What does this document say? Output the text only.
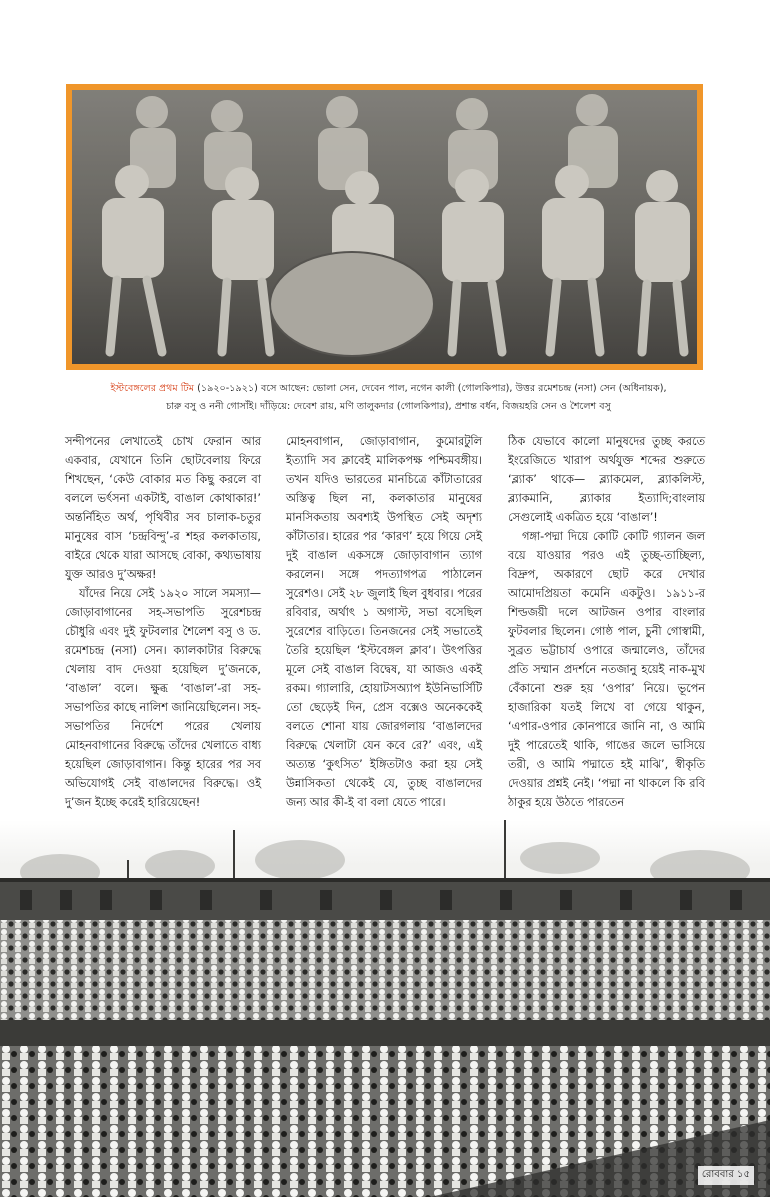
ইস্টবেঙ্গলের প্রথম টিম (১৯২০-১৯২১) বসে আছেন: ভোলা সেন, দেবেন পাল, নগেন কালী (গোলকিপার), উত্তর রমেশচন্দ্র (নসা) সেন (অধিনায়ক),
চারু বসু ও ননী গোসাঁই। দাঁড়িয়ে: দেবেশ রায়, মণি তালুকদার (গোলকিপার), প্রশান্ত বর্ধন, বিজয়হরি সেন ও শৈলেশ বসু

সন্দীপনের লেখাতেই চোখ ফেরান আর একবার, যেখানে তিনি ছোটবেলায় ফিরে শিখছেন, ‘কেউ বোকার মত কিছু করলে বা বললে ভর্ৎসনা একটাই, বাঙাল কোথাকার!’ অন্তর্নিহিত অর্থ, পৃথিবীর সব চালাক-চতুর মানুষের বাস ‘চন্দ্রবিন্দু’-র শহর কলকাতায়, বাইরে থেকে যারা আসছে বোকা, কথ্যভাষায় যুক্ত আরও দু’অক্ষর!

যাঁদের নিয়ে সেই ১৯২০ সালে সমস্যা— জোড়াবাগানের সহ-সভাপতি সুরেশচন্দ্র চৌধুরি এবং দুই ফুটবলার শৈলেশ বসু ও ড. রমেশচন্দ্র (নসা) সেন। ক্যালকাটার বিরুদ্ধে খেলায় বাদ দেওয়া হয়েছিল দু’জনকে, ‘বাঙাল’ বলে। ক্ষুব্ধ ‘বাঙাল’-রা সহ-সভাপতির কাছে নালিশ জানিয়েছিলেন। সহ-সভাপতির নির্দেশে পরের খেলায় মোহনবাগানের বিরুদ্ধে তাঁদের খেলাতে বাধ্য হয়েছিল জোড়াবাগান। কিন্তু হারের পর সব অভিযোগই সেই বাঙালদের বিরুদ্ধে। ওই দু’জন ইচ্ছে করেই হারিয়েছেন!

মোহনবাগান, জোড়াবাগান, কুমোরটুলি ইত্যাদি সব ক্লাবেই মালিকপক্ষ পশ্চিমবঙ্গীয়। তখন যদিও ভারতের মানচিত্রে কাঁটাতারের অস্তিত্ব ছিল না, কলকাতার মানুষের মানসিকতায় অবশ্যই উপস্থিত সেই অদৃশ্য কাঁটাতার। হারের পর ‘কারণ’ হয়ে গিয়ে সেই দুই বাঙাল একসঙ্গে জোড়াবাগান ত্যাগ করলেন। সঙ্গে পদত্যাগপত্র পাঠালেন সুরেশও। সেই ২৮ জুলাই ছিল বুধবার। পরের রবিবার, অর্থাৎ ১ অগাস্ট, সভা বসেছিল সুরেশের বাড়িতে। তিনজনের সেই সভাতেই তৈরি হয়েছিল ‘ইস্টবেঙ্গল ক্লাব’। উৎপত্তির মূলে সেই বাঙাল বিদ্বেষ, যা আজও একই রকম। গ্যালারি, হোয়াটসঅ্যাপ ইউনিভার্সিটি তো ছেড়েই দিন, প্রেস বক্সেও অনেককেই বলতে শোনা যায় জোরগলায় ‘বাঙালদের বিরুদ্ধে খেলাটা যেন কবে রে?’ এবং, এই অত্যন্ত ‘কুৎসিত’ ইঙ্গিতটাও করা হয় সেই উন্নাসিকতা থেকেই যে, তুচ্ছ বাঙালদের জন্য আর কী-ই বা বলা যেতে পারে।

ঠিক যেভাবে কালো মানুষদের তুচ্ছ করতে ইংরেজিতে খারাপ অর্থযুক্ত শব্দের শুরুতে ‘ব্ল্যাক’ থাকে— ব্ল্যাকমেল, ব্ল্যাকলিস্ট, ব্ল্যাকমানি, ব্ল্যাকার ইত্যাদি;বাংলায় সেগুলোই একত্রিত হয়ে ‘বাঙাল’!

গঙ্গা-পদ্মা দিয়ে কোটি কোটি গ্যালন জল বয়ে যাওয়ার পরও এই তুচ্ছ-তাচ্ছিল্য, বিদ্রুপ, অকারণে ছোট করে দেখার আমোদপ্রিয়তা কমেনি একটুও। ১৯১১-র শিল্ডজয়ী দলে আটজন ওপার বাংলার ফুটবলার ছিলেন। গোষ্ঠ পাল, চুনী গোস্বামী, সুব্রত ভট্টাচার্য ওপারে জন্মালেও, তাঁদের প্রতি সম্মান প্রদর্শনে নতজানু হয়েই নাক-মুখ বেঁকানো শুরু হয় ‘ওপার’ নিয়ে। ভূপেন হাজারিকা যতই লিখে বা গেয়ে থাকুন, ‘এপার-ওপার কোনপারে জানি না, ও আমি দুই পারেতেই থাকি, গাঙের জলে ভাসিয়ে তরী, ও আমি পদ্মাতে হই মাঝি’, স্বীকৃতি দেওয়ার প্রশ্নই নেই। ‘পদ্মা না থাকলে কি রবি ঠাকুর হয়ে উঠতে পারতেন

রোববার ১৫
